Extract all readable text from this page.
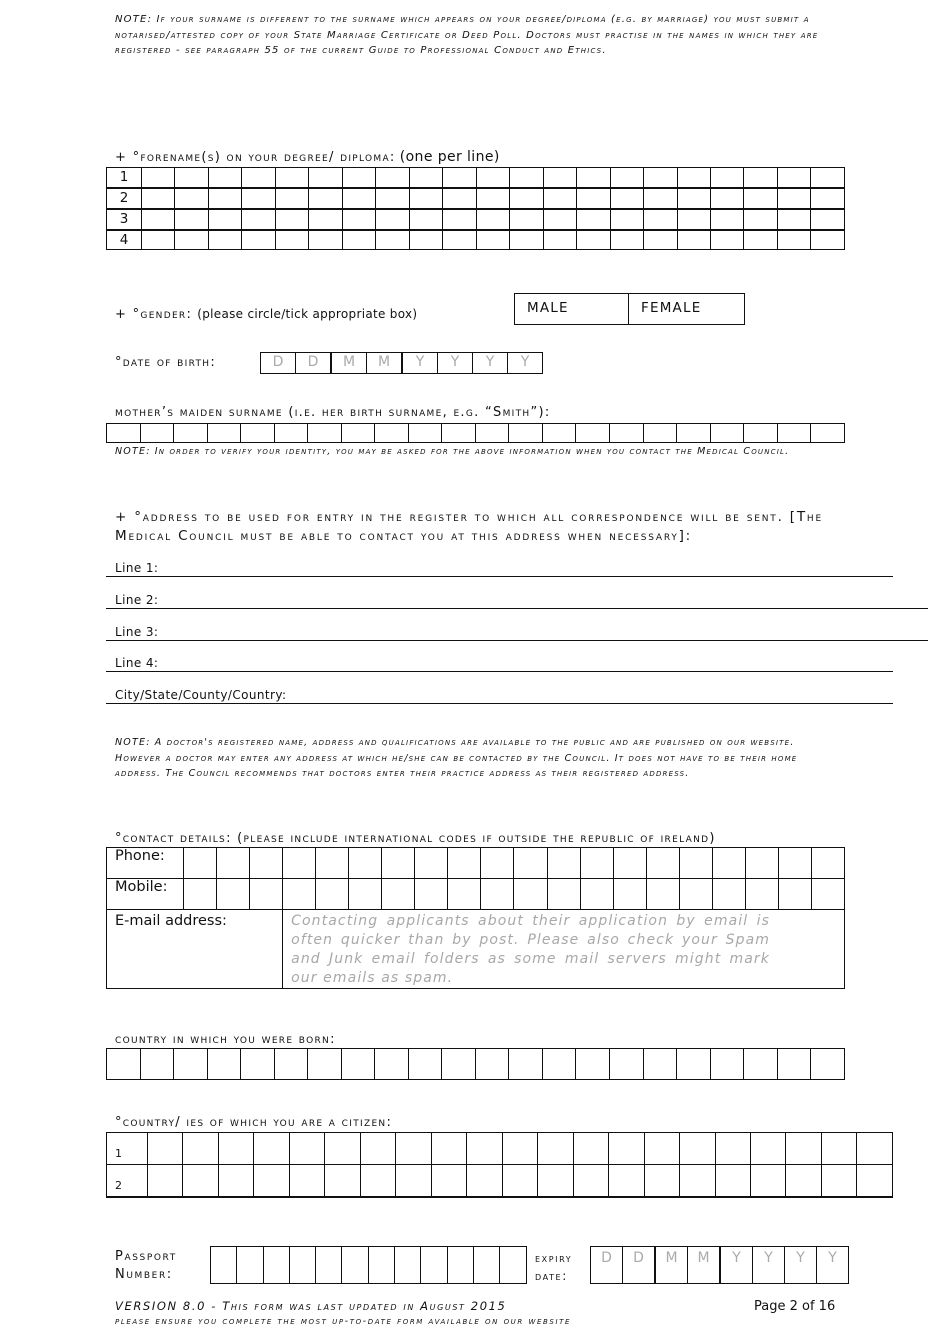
NOTE: If your surname is different to the surname which appears on your degree/diploma (e.g. by marriage) you must submit a notarised/attested copy of your State Marriage Certificate or Deed Poll. Doctors must practise in the names in which they are registered - see paragraph 55 of the current Guide to Professional Conduct and Ethics.
+ °forename(s) on your degree/ diploma: (one per line)
1																					
2																					
3																					
4																					
+ °gender: (please circle/tick appropriate box)	MALE	FEMALE
°date of birth:	D	D	M	M	Y	Y	Y	Y
mother’s maiden surname (i.e. her birth surname, e.g. “Smith”):

NOTE: In order to verify your identity, you may be asked for the above information when you contact the Medical Council.
+ °address to be used for entry in the register to which all correspondence will be sent. [The Medical Council must be able to contact you at this address when necessary]:
Line 1:
Line 2:
Line 3:
Line 4:
City/State/County/Country:
NOTE: A doctor's registered name, address and qualifications are available to the public and are published on our website. However a doctor may enter any address at which he/she can be contacted by the Council. It does not have to be their home address. The Council recommends that doctors enter their practice address as their registered address.
°contact details: (please include international codes if outside the republic of ireland)
Phone:																				
Mobile:																				
E-mail address:				Contacting applicants about their application by email is often quicker than by post. Please also check your Spam and Junk email folders as some mail servers might mark our emails as spam.																
country in which you were born:

°country/ ies of which you are a citizen:
1																					
2																					
Passport Number:
expiry date:
D	D	M	M	Y	Y	Y	Y
VERSION 8.0 - This form was last updated in August 2015
please ensure you complete the most up-to-date form available on our website
Page 2 of 16
